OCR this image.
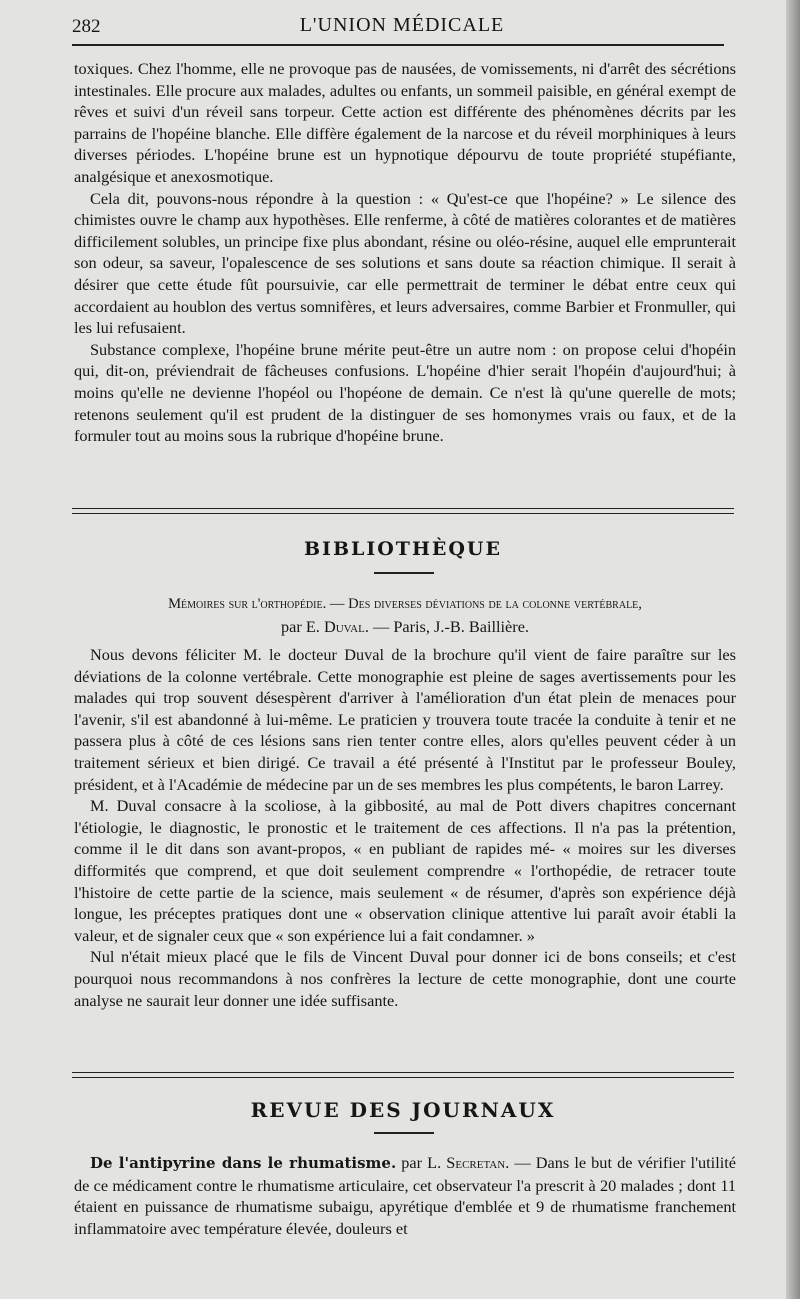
282	L'UNION MÉDICALE

toxiques. Chez l'homme, elle ne provoque pas de nausées, de vomissements, ni d'arrêt des sécrétions intestinales. Elle procure aux malades, adultes ou enfants, un sommeil paisible, en général exempt de rêves et suivi d'un réveil sans torpeur. Cette action est différente des phénomènes décrits par les parrains de l'hopéine blanche. Elle diffère également de la narcose et du réveil morphiniques à leurs diverses périodes. L'hopéine brune est un hypnotique dépourvu de toute propriété stupéfiante, analgésique et anexosmotique.

Cela dit, pouvons-nous répondre à la question : « Qu'est-ce que l'hopéine? » Le silence des chimistes ouvre le champ aux hypothèses. Elle renferme, à côté de matières colorantes et de matières difficilement solubles, un principe fixe plus abondant, résine ou oléo-résine, auquel elle emprunterait son odeur, sa saveur, l'opalescence de ses solutions et sans doute sa réaction chimique. Il serait à désirer que cette étude fût poursuivie, car elle permettrait de terminer le débat entre ceux qui accordaient au houblon des vertus somnifères, et leurs adversaires, comme Barbier et Fronmuller, qui les lui refusaient.

Substance complexe, l'hopéine brune mérite peut-être un autre nom : on propose celui d'hopéin qui, dit-on, préviendrait de fâcheuses confusions. L'hopéine d'hier serait l'hopéin d'aujourd'hui; à moins qu'elle ne devienne l'hopéol ou l'hopéone de demain. Ce n'est là qu'une querelle de mots; retenons seulement qu'il est prudent de la distinguer de ses homonymes vrais ou faux, et de la formuler tout au moins sous la rubrique d'hopéine brune.

BIBLIOTHÈQUE

Mémoires sur l'orthopédie. — Des diverses déviations de la colonne vertébrale,

par E. Duval. — Paris, J.-B. Baillière.

Nous devons féliciter M. le docteur Duval de la brochure qu'il vient de faire paraître sur les déviations de la colonne vertébrale. Cette monographie est pleine de sages avertissements pour les malades qui trop souvent désespèrent d'arriver à l'amélioration d'un état plein de menaces pour l'avenir, s'il est abandonné à lui-même. Le praticien y trouvera toute tracée la conduite à tenir et ne passera plus à côté de ces lésions sans rien tenter contre elles, alors qu'elles peuvent céder à un traitement sérieux et bien dirigé. Ce travail a été présenté à l'Institut par le professeur Bouley, président, et à l'Académie de médecine par un de ses membres les plus compétents, le baron Larrey.

M. Duval consacre à la scoliose, à la gibbosité, au mal de Pott divers chapitres concernant l'étiologie, le diagnostic, le pronostic et le traitement de ces affections. Il n'a pas la prétention, comme il le dit dans son avant-propos, « en publiant de rapides mé- « moires sur les diverses difformités que comprend, et que doit seulement comprendre « l'orthopédie, de retracer toute l'histoire de cette partie de la science, mais seulement « de résumer, d'après son expérience déjà longue, les préceptes pratiques dont une « observation clinique attentive lui paraît avoir établi la valeur, et de signaler ceux que « son expérience lui a fait condamner. »

Nul n'était mieux placé que le fils de Vincent Duval pour donner ici de bons conseils; et c'est pourquoi nous recommandons à nos confrères la lecture de cette monographie, dont une courte analyse ne saurait leur donner une idée suffisante.

REVUE DES JOURNAUX

De l'antipyrine dans le rhumatisme. par L. Secretan. — Dans le but de vérifier l'utilité de ce médicament contre le rhumatisme articulaire, cet observateur l'a prescrit à 20 malades ; dont 11 étaient en puissance de rhumatisme subaigu, apyrétique d'emblée et 9 de rhumatisme franchement inflammatoire avec température élevée, douleurs et
